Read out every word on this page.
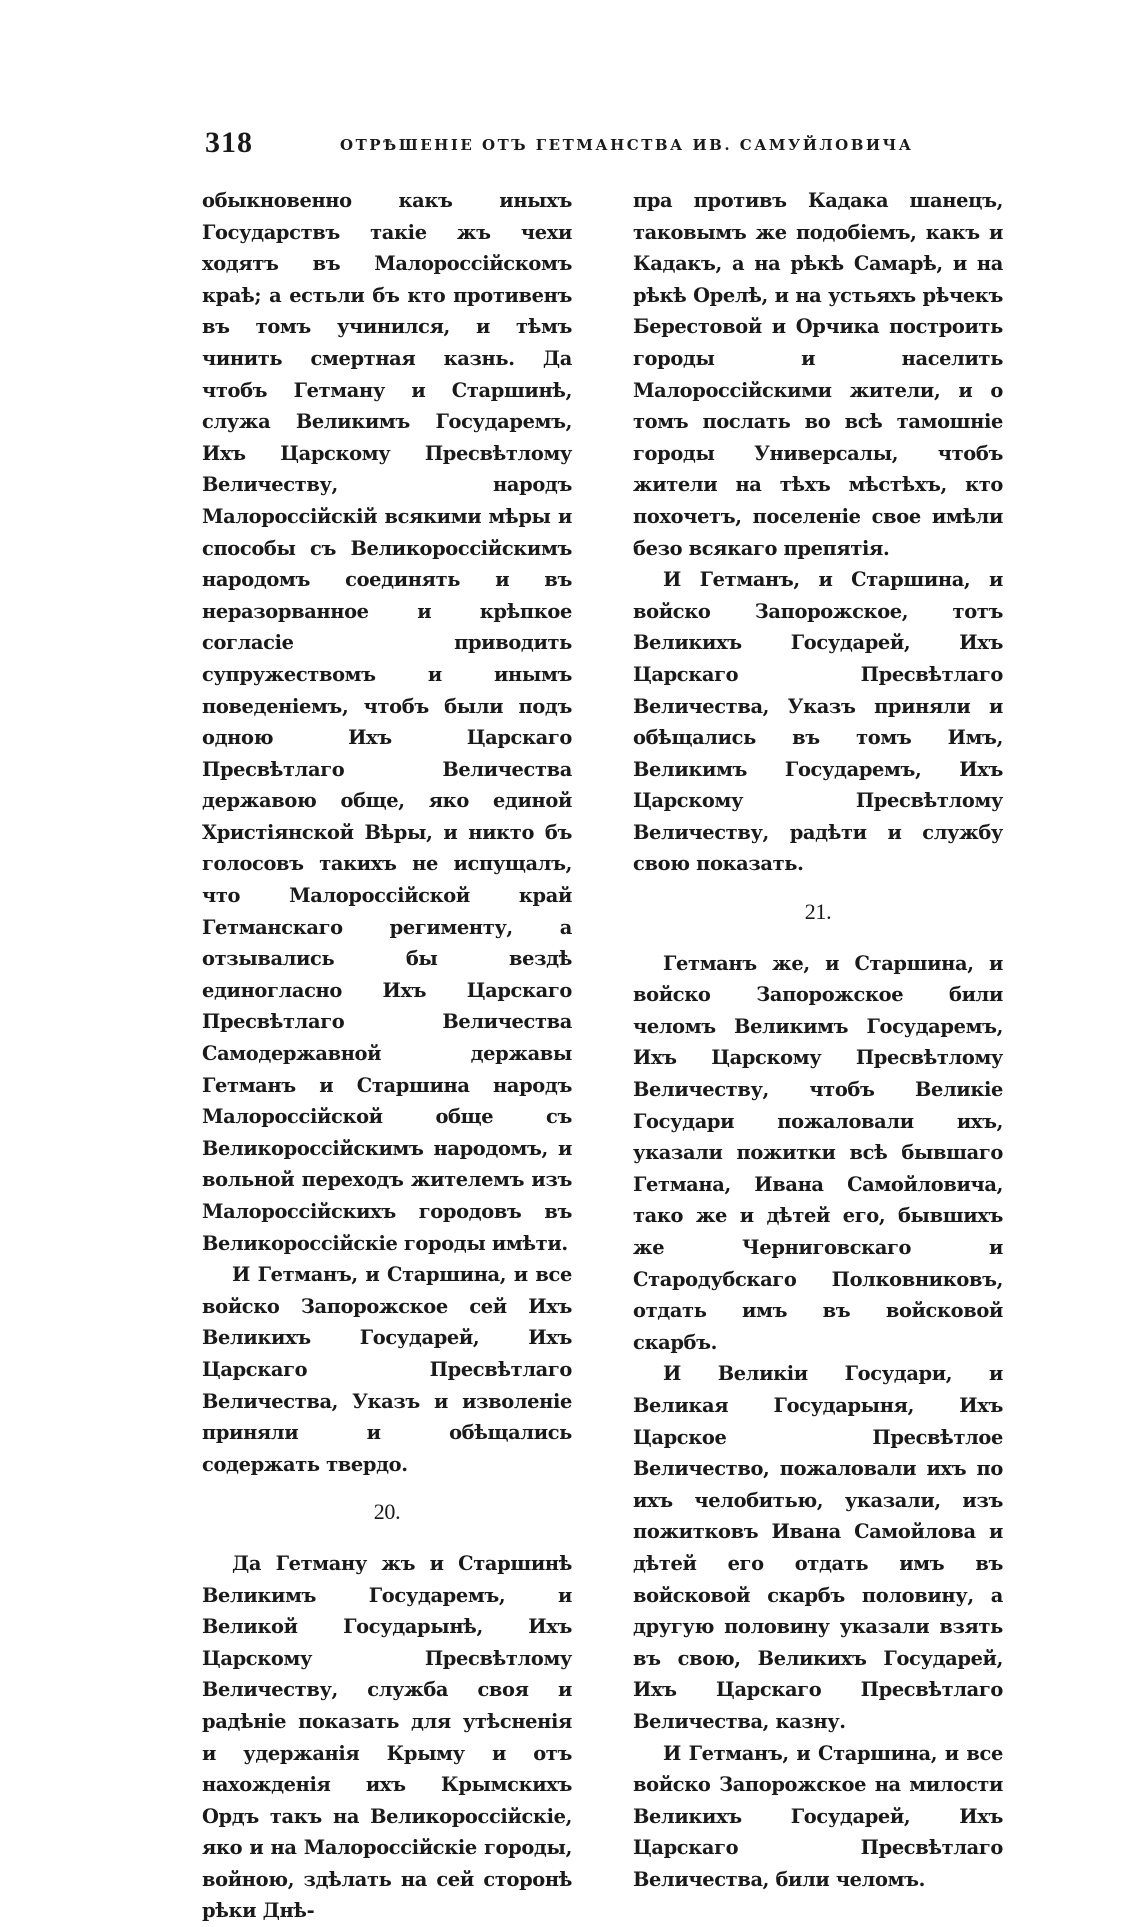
318	ОТРѢШЕНІЕ ОТЪ ГЕТМАНСТВА ИВ. САМУЙЛОВИЧА

обыкновенно какъ иныхъ Государствъ такіе жъ чехи ходятъ въ Малороссійскомъ краѣ; а естьли бъ кто противенъ въ томъ учинился, и тѣмъ чинить смертная казнь. Да чтобъ Гетману и Старшинѣ, служа Великимъ Государемъ, Ихъ Царскому Пресвѣтлому Величеству, народъ Малороссійскій всякими мѣры и способы съ Великороссійскимъ народомъ соединять и въ неразорванное и крѣпкое согласіе приводить супружествомъ и инымъ поведеніемъ, чтобъ были подъ одною Ихъ Царскаго Пресвѣтлаго Величества державою обще, яко единой Христіянской Вѣры, и никто бъ голосовъ такихъ не испущалъ, что Малороссійской край Гетманскаго регименту, а отзывались бы вездѣ единогласно Ихъ Царскаго Пресвѣтлаго Величества Самодержавной державы Гетманъ и Старшина народъ Малороссійской обще съ Великороссійскимъ народомъ, и вольной переходъ жителемъ изъ Малороссійскихъ городовъ въ Великороссійскіе городы имѣти.

И Гетманъ, и Старшина, и все войско Запорожское сей Ихъ Великихъ Государей, Ихъ Царскаго Пресвѣтлаго Величества, Указъ и изволеніе приняли и обѣщались содержать твердо.

20.

Да Гетману жъ и Старшинѣ Великимъ Государемъ, и Великой Государынѣ, Ихъ Царскому Пресвѣтлому Величеству, служба своя и радѣніе показать для утѣсненія и удержанія Крыму и отъ нахожденія ихъ Крымскихъ Ордъ такъ на Великороссійскіе, яко и на Малороссійскіе городы, войною, здѣлать на сей сторонѣ рѣки Днѣ-

пра противъ Кадака шанецъ, таковымъ же подобіемъ, какъ и Кадакъ, а на рѣкѣ Самарѣ, и на рѣкѣ Орелѣ, и на устьяхъ рѣчекъ Берестовой и Орчика построить городы и населить Малороссійскими жители, и о томъ послать во всѣ тамошніе городы Универсалы, чтобъ жители на тѣхъ мѣстѣхъ, кто похочетъ, поселеніе свое имѣли безо всякаго препятія.

И Гетманъ, и Старшина, и войско Запорожское, тотъ Великихъ Государей, Ихъ Царскаго Пресвѣтлаго Величества, Указъ приняли и обѣщались въ томъ Имъ, Великимъ Государемъ, Ихъ Царскому Пресвѣтлому Величеству, радѣти и службу свою показать.

21.

Гетманъ же, и Старшина, и войско Запорожское били челомъ Великимъ Государемъ, Ихъ Царскому Пресвѣтлому Величеству, чтобъ Великіе Государи пожаловали ихъ, указали пожитки всѣ бывшаго Гетмана, Ивана Самойловича, тако же и дѣтей его, бывшихъ же Черниговскаго и Стародубскаго Полковниковъ, отдать имъ въ войсковой скарбъ.

И Великіи Государи, и Великая Государыня, Ихъ Царское Пресвѣтлое Величество, пожаловали ихъ по ихъ челобитью, указали, изъ пожитковъ Ивана Самойлова и дѣтей его отдать имъ въ войсковой скарбъ половину, а другую половину указали взять въ свою, Великихъ Государей, Ихъ Царскаго Пресвѣтлаго Величества, казну.

И Гетманъ, и Старшина, и все войско Запорожское на милости Великихъ Государей, Ихъ Царскаго Пресвѣтлаго Величества, били челомъ.
